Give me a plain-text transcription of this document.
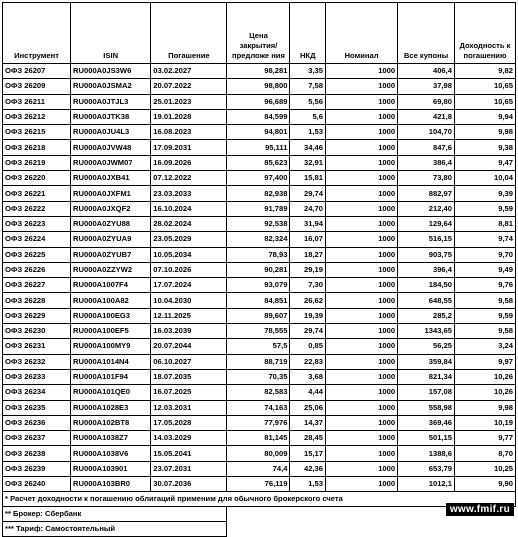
Инструмент	ISIN	Погашение	Цена закрытия/ предложе ния	НКД	Номинал	Все купоны	Доходность к погашению
ОФЗ 26207	RU000A0JS3W6	03.02.2027	98,281	3,35	1000	406,4	9,82
ОФЗ 26209	RU000A0JSMA2	20.07.2022	98,800	7,58	1000	37,98	10,65
ОФЗ 26211	RU000A0JTJL3	25.01.2023	96,689	5,56	1000	69,80	10,65
ОФЗ 26212	RU000A0JTK38	19.01.2028	84,599	5,6	1000	421,8	9,94
ОФЗ 26215	RU000A0JU4L3	16.08.2023	94,801	1,53	1000	104,70	9,98
ОФЗ 26218	RU000A0JVW48	17.09.2031	95,111	34,46	1000	847,6	9,38
ОФЗ 26219	RU000A0JWM07	16.09.2026	85,623	32,91	1000	386,4	9,47
ОФЗ 26220	RU000A0JXB41	07.12.2022	97,400	15,81	1000	73,80	10,04
ОФЗ 26221	RU000A0JXFM1	23.03.2033	82,938	29,74	1000	882,97	9,39
ОФЗ 26222	RU000A0JXQF2	16.10.2024	91,789	24,70	1000	212,40	9,59
ОФЗ 26223	RU000A0ZYU88	28.02.2024	92,538	31,94	1000	129,64	8,81
ОФЗ 26224	RU000A0ZYUA9	23.05.2029	82,324	16,07	1000	516,15	9,74
ОФЗ 26225	RU000A0ZYUB7	10.05.2034	78,93	18,27	1000	903,75	9,70
ОФЗ 26226	RU000A0ZZYW2	07.10.2026	90,281	29,19	1000	396,4	9,49
ОФЗ 26227	RU000A1007F4	17.07.2024	93,079	7,30	1000	184,50	9,76
ОФЗ 26228	RU000A100A82	10.04.2030	84,851	26,62	1000	648,55	9,58
ОФЗ 26229	RU000A100EG3	12.11.2025	89,607	19,39	1000	285,2	9,59
ОФЗ 26230	RU000A100EF5	16.03.2039	78,555	29,74	1000	1343,65	9,58
ОФЗ 26231	RU000A100MY9	20.07.2044	57,5	0,85	1000	56,25	3,24
ОФЗ 26232	RU000A1014N4	06.10.2027	88,719	22,83	1000	359,84	9,97
ОФЗ 26233	RU000A101F94	18.07.2035	70,35	3,68	1000	821,34	10,26
ОФЗ 26234	RU000A101QE0	16.07.2025	82,583	4,44	1000	157,08	10,26
ОФЗ 26235	RU000A1028E3	12.03.2031	74,163	25,06	1000	558,98	9,98
ОФЗ 26236	RU000A102BT8	17.05.2028	77,976	14,37	1000	369,46	10,19
ОФЗ 26237	RU000A1038Z7	14.03.2029	81,145	28,45	1000	501,15	9,77
ОФЗ 26238	RU000A1038V6	15.05.2041	80,009	15,17	1000	1388,6	8,70
ОФЗ 26239	RU000A103901	23.07.2031	74,4	42,36	1000	653,79	10,25
ОФЗ 26240	RU000A103BR0	30.07.2036	76,119	1,53	1000	1012,1	9,90
* Расчет доходности к погашению облигаций применим для обычного брокерского счета							
** Брокер: Сбербанк							
*** Тариф: Самостоятельный							
www.fmif.ru
